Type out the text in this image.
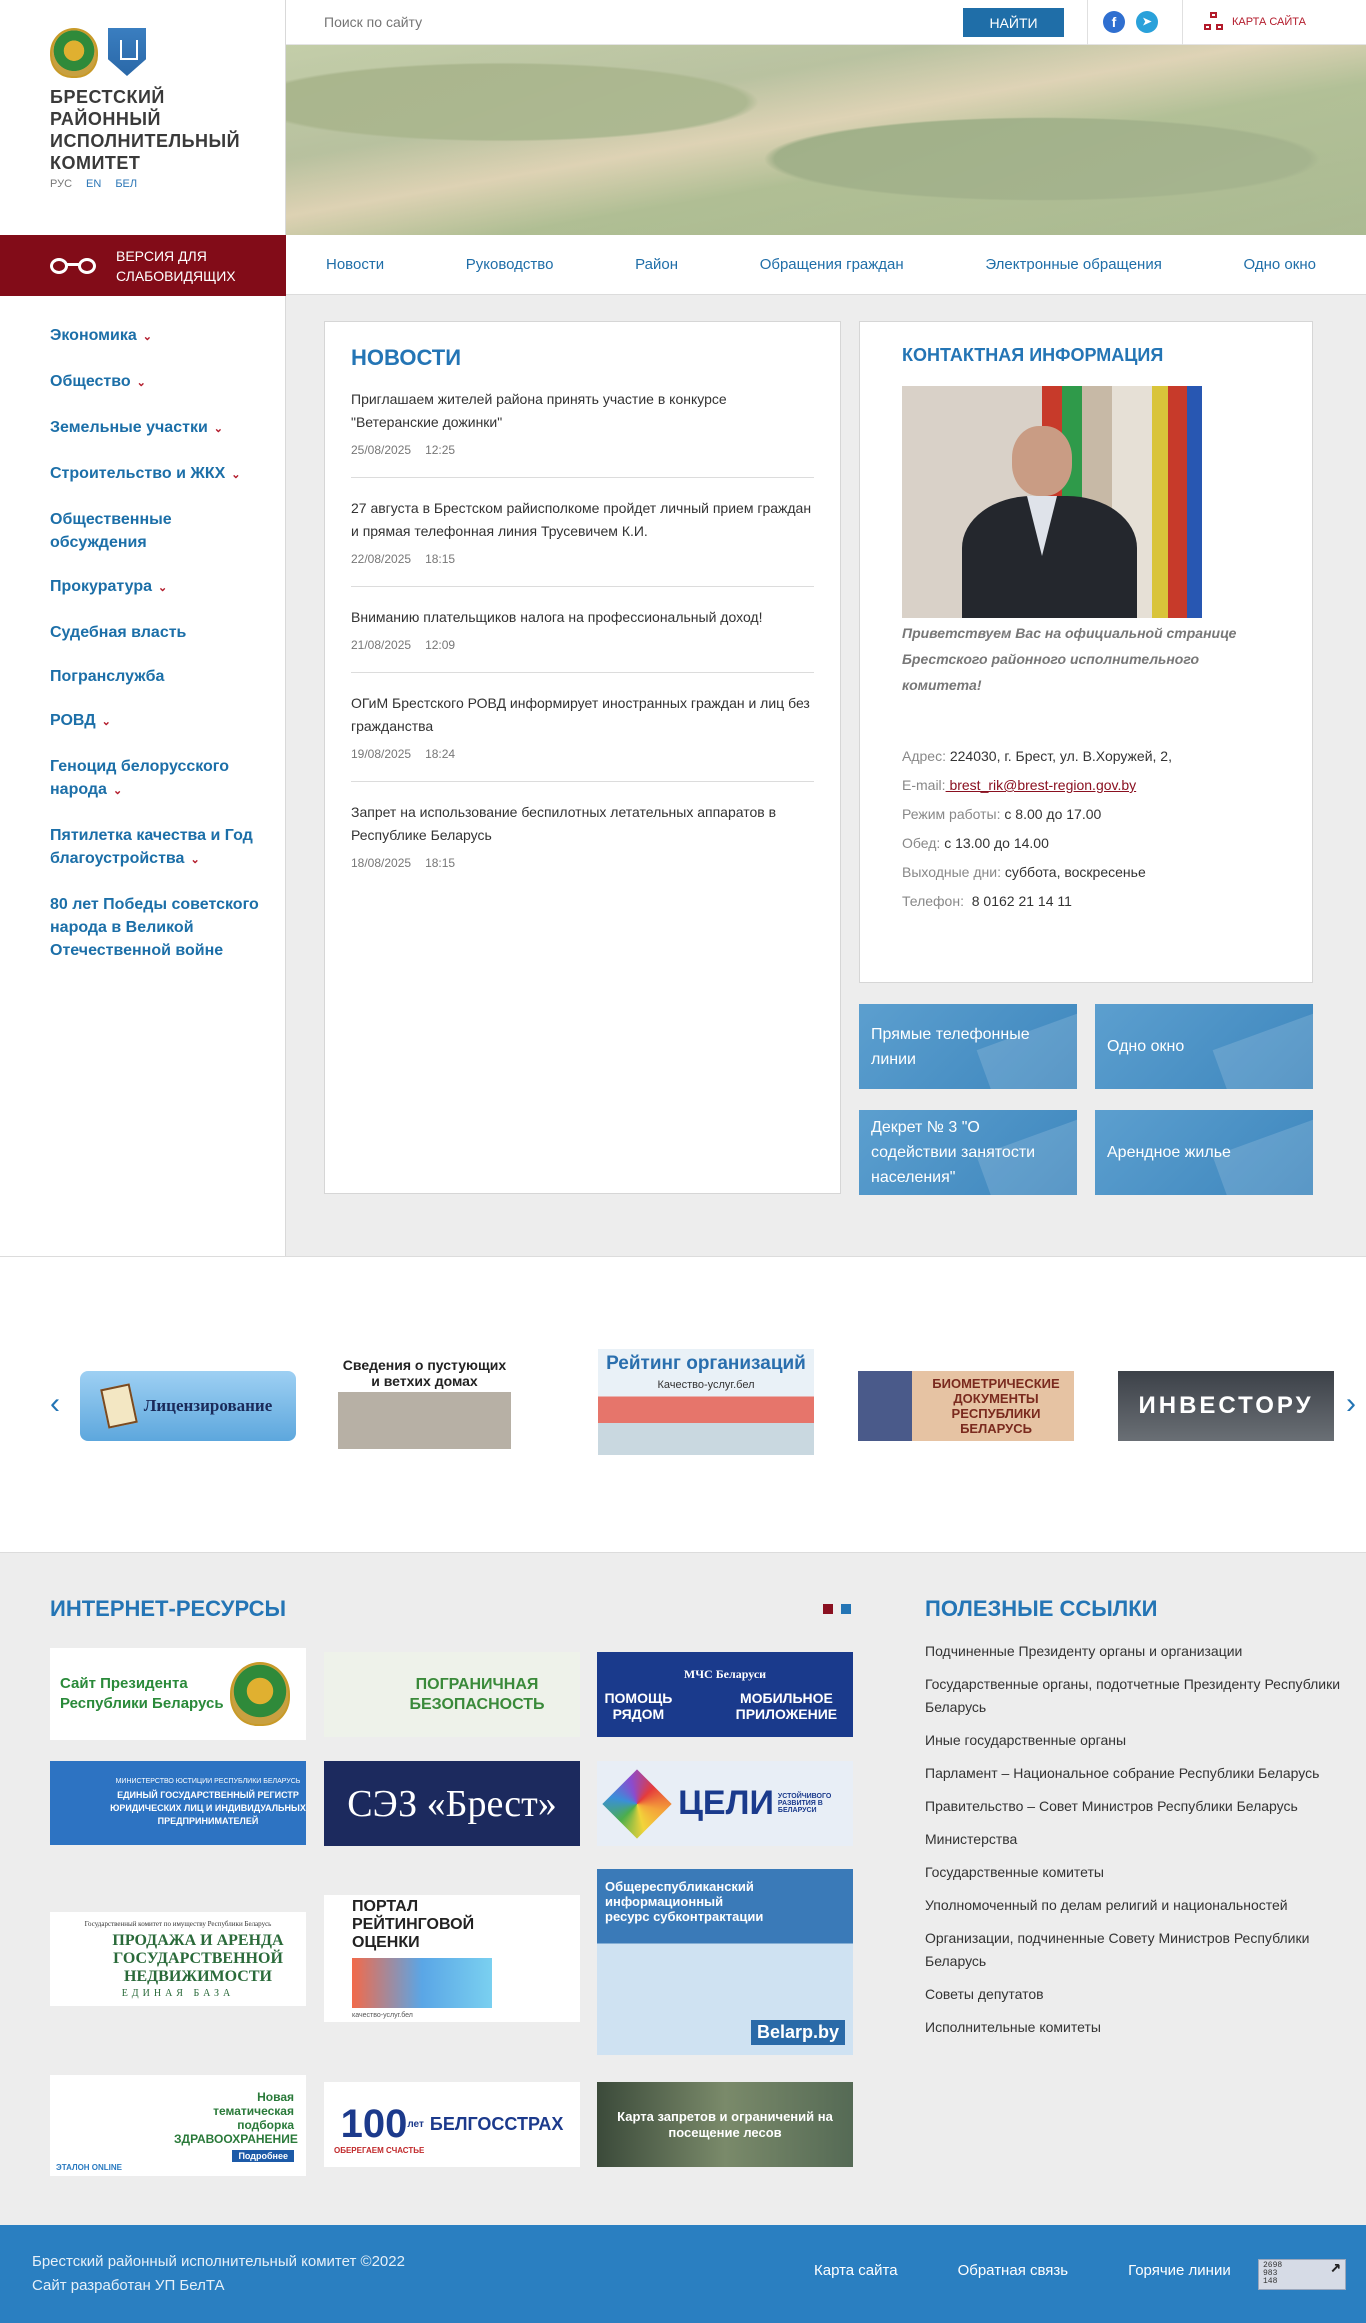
БРЕСТСКИЙ РАЙОННЫЙ ИСПОЛНИТЕЛЬНЫЙ КОМИТЕТ
РУС EN БЕЛ
ВЕРСИЯ ДЛЯ СЛАБОВИДЯЩИХ
Экономика ⌄
Общество ⌄
Земельные участки ⌄
Строительство и ЖКХ ⌄
Общественные обсуждения
Прокуратура ⌄
Судебная власть
Погранслужба
РОВД ⌄
Геноцид белорусского народа ⌄
Пятилетка качества и Год благоустройства ⌄
80 лет Победы советского народа в Великой Отечественной войне
Поиск по сайту
НАЙТИ	f	➤	КАРТА САЙТА
Новости	Руководство	Район	Обращения граждан	Электронные обращения	Одно окно
НОВОСТИ
Приглашаем жителей района принять участие в конкурсе "Ветеранские дожинки"
25/08/2025 12:25
27 августа в Брестском райисполкоме пройдет личный прием граждан и прямая телефонная линия Трусевичем К.И.
22/08/2025 18:15
Вниманию плательщиков налога на профессиональный доход!
21/08/2025 12:09
ОГиМ Брестского РОВД информирует иностранных граждан и лиц без гражданства
19/08/2025 18:24
Запрет на использование беспилотных летательных аппаратов в Республике Беларусь
18/08/2025 18:15
КОНТАКТНАЯ ИНФОРМАЦИЯ

Приветствуем Вас на официальной странице Брестского районного исполнительного комитета!

Адрес: 224030, г. Брест, ул. В.Хоружей, 2,
E-mail: brest_rik@brest-region.gov.by
Режим работы: с 8.00 до 17.00
Обед: с 13.00 до 14.00
Выходные дни: суббота, воскресенье
Телефон: 8 0162 21 14 11
Прямые телефонные линии
Одно окно
Декрет № 3 "О содействии занятости населения"
Арендное жилье
‹	›
Лицензирование
Сведения о пустующих и ветхих домах
Рейтинг организаций
Качество-услуг.бел	БИОМЕТРИЧЕСКИЕ ДОКУМЕНТЫ РЕСПУБЛИКИ БЕЛАРУСЬ
ИНВЕСТОРУ
ИНТЕРНЕТ-РЕСУРСЫ
Сайт Президента Республики Беларусь
ПОГРАНИЧНАЯ БЕЗОПАСНОСТЬ
МЧС Беларуси
ПОМОЩЬ РЯДОМ
МОБИЛЬНОЕ ПРИЛОЖЕНИЕ
МИНИСТЕРСТВО ЮСТИЦИИ РЕСПУБЛИКИ БЕЛАРУСЬ
ЕДИНЫЙ ГОСУДАРСТВЕННЫЙ РЕГИСТР ЮРИДИЧЕСКИХ ЛИЦ И ИНДИВИДУАЛЬНЫХ ПРЕДПРИНИМАТЕЛЕЙ	СЭЗ «Брест»	ЦЕЛИ УСТОЙЧИВОГО РАЗВИТИЯ В БЕЛАРУСИ
Государственный комитет по имуществу Республики Беларусь
ПРОДАЖА И АРЕНДА ГОСУДАРСТВЕННОЙ НЕДВИЖИМОСТИ
ЕДИНАЯ БАЗА
ПОРТАЛ РЕЙТИНГОВОЙ ОЦЕНКИ
качество-услуг.бел
Общереспубликанский информационный ресурс субконтрактации
Belarp.by
Новая тематическая подборка ЗДРАВООХРАНЕНИЕ
Подробнее
ЭТАЛОН ONLINE
100 лет БЕЛГОССТРАХ
ОБЕРЕГАЕМ СЧАСТЬЕ
Карта запретов и ограничений на посещение лесов
ПОЛЕЗНЫЕ ССЫЛКИ
Подчиненные Президенту органы и организации
Государственные органы, подотчетные Президенту Республики Беларусь
Иные государственные органы
Парламент – Национальное собрание Республики Беларусь
Правительство – Совет Министров Республики Беларусь
Министерства
Государственные комитеты
Уполномоченный по делам религий и национальностей
Организации, подчиненные Совету Министров Республики Беларусь
Советы депутатов
Исполнительные комитеты
Брестский районный исполнительный комитет ©2022
Сайт разработан УП БелТА
Карта сайта	Обратная связь	Горячие линии	2698
983
148
↗
